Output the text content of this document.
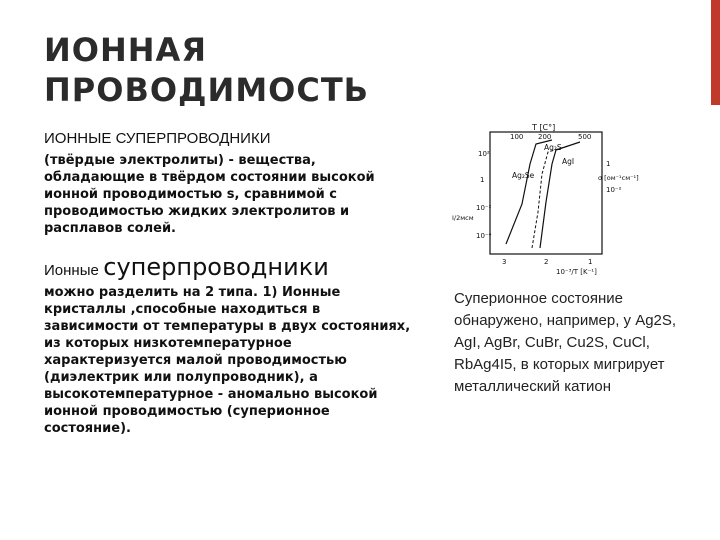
ИОННАЯ ПРОВОДИМОСТЬ

ИОННЫЕ СУПЕРПРОВОДНИКИ

(твёрдые электролиты) - вещества, обладающие в твёрдом состоянии высокой ионной проводимостью s, сравнимой с проводимостью жидких электролитов и расплавов солей.

Ионные суперпроводники

можно разделить на 2 типа. 1) Ионные кристаллы ,способные находиться в зависимости от температуры в двух состояниях, из которых низкотемпературное характеризуется малой проводимостью (диэлектрик или полупроводник), а высокотемпературное - аномально высокой ионной проводимостью (суперионное состояние).

T [C°]
100 200	500
10²
1
10⁻²
10⁻⁴
I/2мсм
1
10⁻²
σ [ом⁻¹см⁻¹]
Ag₂S
AgI
Ag₂Se
3	2	1
10⁻³/T [K⁻¹]

Суперионное состояние обнаружено, например, у Ag2S, AgI, AgBr, CuBr, Cu2S, CuCl, RbAg4I5, в которых мигрирует металлический катион
